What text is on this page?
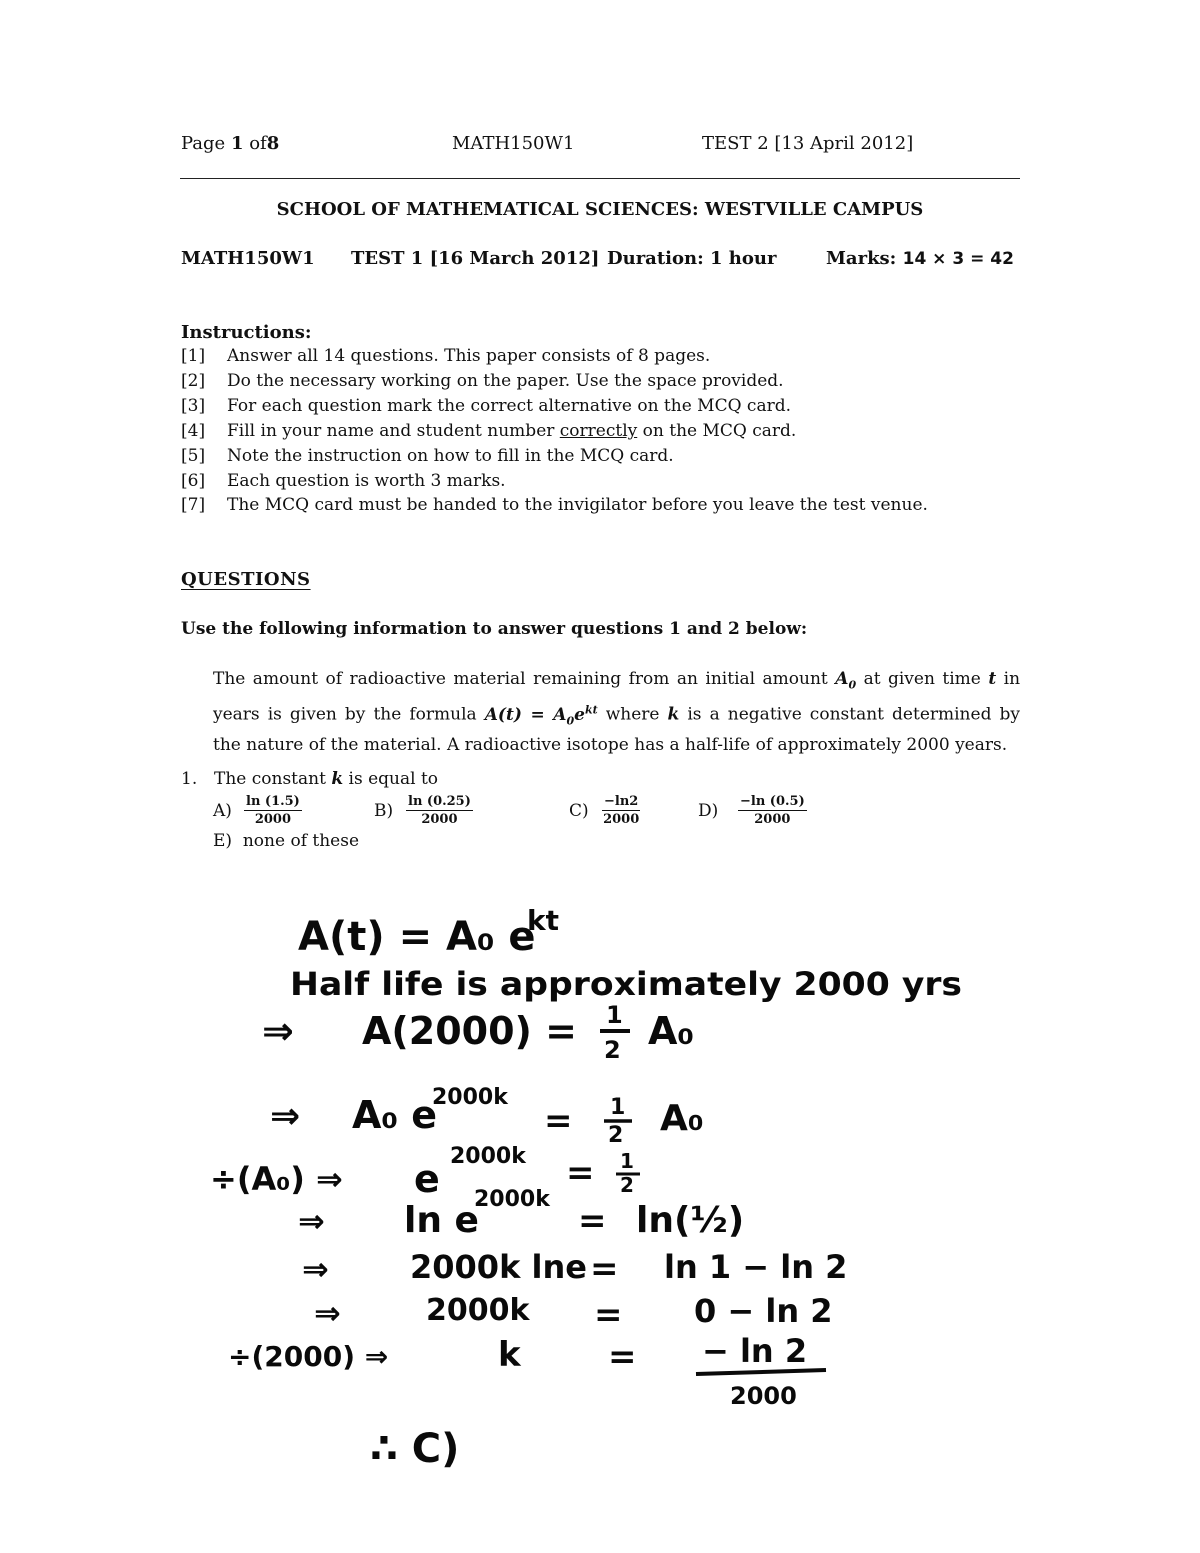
Page 1 of8	MATH150W1	TEST 2 [13 April 2012]
SCHOOL OF MATHEMATICAL SCIENCES: WESTVILLE CAMPUS
MATH150W1 TEST 1 [16 March 2012] Duration: 1 hour	Marks: 14 × 3 = 42
Instructions:
[1] Answer all 14 questions. This paper consists of 8 pages.
[2] Do the necessary working on the paper. Use the space provided.
[3] For each question mark the correct alternative on the MCQ card.
[4] Fill in your name and student number correctly on the MCQ card.
[5] Note the instruction on how to fill in the MCQ card.
[6] Each question is worth 3 marks.
[7] The MCQ card must be handed to the invigilator before you leave the test venue.
QUESTIONS
Use the following information to answer questions 1 and 2 below:
The amount of radioactive material remaining from an initial amount $A_0$ at given time t in
years is given by the formula $A(t) = A_0e^{kt}$ where k is a negative constant determined by
the nature of the material. A radioactive isotope has a half-life of approximately 2000 years.
1. The constant k is equal to
$A) \frac{\ln (1.5)}{2000}$	$B) \frac{\ln (0.25)}{2000}$	$C) \frac{-\ln 2}{2000}$	$D) \frac{-\ln (0.5)}{2000}$
E) none of these
A(t) = A₀ e
kt
Half life is approximately 2000 yrs
⇒ A(2000) = 1
2 A₀
⇒ A₀ e
2000k
= 1
2 A₀
÷(A₀) ⇒ e
2000k = 1
2
⇒ ln e
2000k
= ln(½)
⇒	2000k lne = ln 1 − ln 2
⇒	2000k = 0 − ln 2
÷(2000) ⇒	k	= − ln 2
2000
∴ C)
